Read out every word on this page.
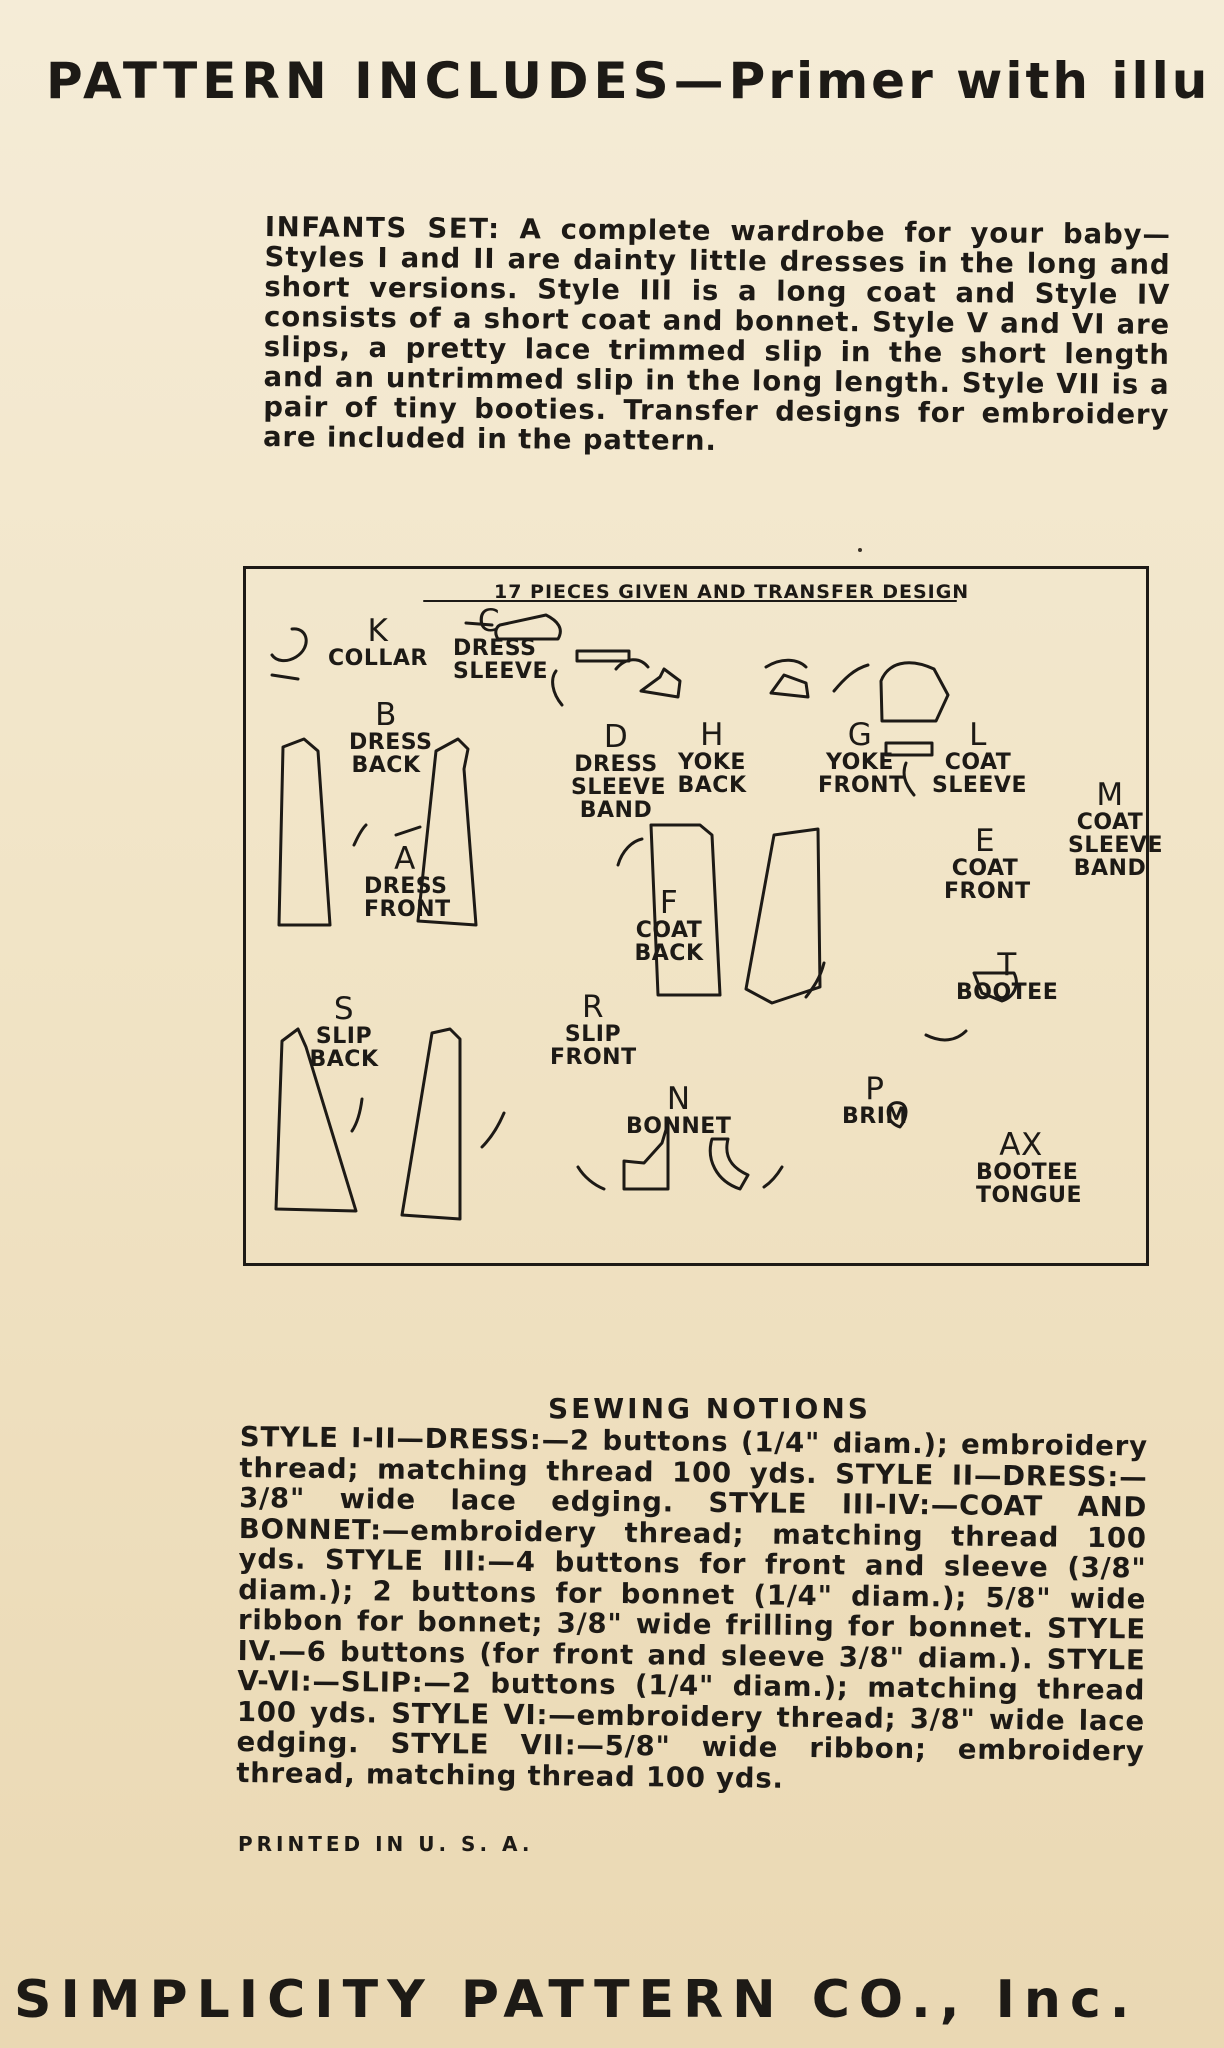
PATTERN INCLUDES—Primer with illu
INFANTS SET: A complete wardrobe for your baby—Styles I and II are dainty little dresses in the long and short versions. Style III is a long coat and Style IV consists of a short coat and bonnet. Style V and VI are slips, a pretty lace trimmed slip in the short length and an untrimmed slip in the long length. Style VII is a pair of tiny booties. Transfer designs for embroidery are included in the pattern.
17 PIECES GIVEN AND TRANSFER DESIGN
K
COLLAR
C
DRESS SLEEVE
B
DRESS BACK
A
DRESS FRONT
D
DRESS SLEEVE BAND
H
YOKE BACK
G
YOKE FRONT
L
COAT SLEEVE	M
COAT SLEEVE BAND
F
COAT BACK
E
COAT FRONT
T
BOOTEE
S
SLIP BACK
R
SLIP FRONT
N
BONNET
P
BRIM
AX
BOOTEE TONGUE
SEWING NOTIONS
STYLE I-II—DRESS:—2 buttons (1/4" diam.); embroidery thread; matching thread 100 yds. STYLE II—DRESS:—3/8" wide lace edging. STYLE III-IV:—COAT AND BONNET:—embroidery thread; matching thread 100 yds. STYLE III:—4 buttons for front and sleeve (3/8" diam.); 2 buttons for bonnet (1/4" diam.); 5/8" wide ribbon for bonnet; 3/8" wide frilling for bonnet. STYLE IV.—6 buttons (for front and sleeve 3/8" diam.). STYLE V-VI:—SLIP:—2 buttons (1/4" diam.); matching thread 100 yds. STYLE VI:—embroidery thread; 3/8" wide lace edging. STYLE VII:—5/8" wide ribbon; embroidery thread, matching thread 100 yds.
PRINTED IN U. S. A.
SIMPLICITY PATTERN CO., Inc.
